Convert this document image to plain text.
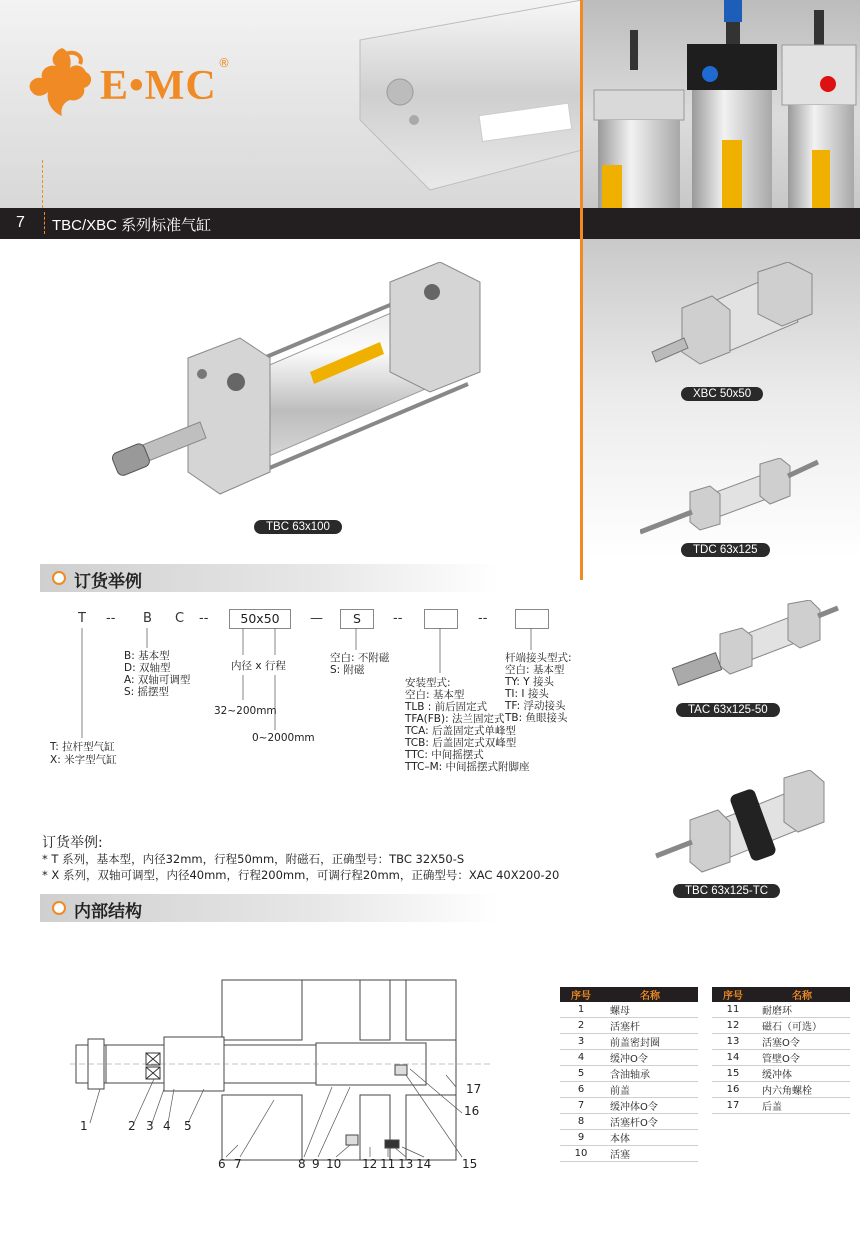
E•MC ®
7 TBC/XBC 系列标准气缸
TBC 63x100
XBC 50x50
TDC 63x125
TAC 63x125-50
TBC 63x125-TC
订货举例
T -- B C --	50x50	—	S	--	--
T: 拉杆型气缸
X: 米字型气缸
B: 基本型
D: 双轴型
A: 双轴可调型
S: 摇摆型
内径 x 行程
32~200mm
0~2000mm
空白: 不附磁
S: 附磁
安装型式:
空白: 基本型
TLB : 前后固定式
TFA(FB): 法兰固定式
TCA: 后盖固定式单峰型
TCB: 后盖固定式双峰型
TTC: 中间摇摆式
TTC–M: 中间摇摆式附脚座
杆端接头型式:
空白: 基本型
TY: Y 接头
TI: I 接头
TF: 浮动接头
TB: 鱼眼接头
订货举例:
* T 系列，基本型，内径32mm，行程50mm，附磁石，正确型号：TBC 32X50-S
* X 系列，双轴可调型，内径40mm，行程200mm，可调行程20mm，正确型号：XAC 40X200-20
内部结构
1	2 3 4 5
6 7	8 9 10 12 11 13 14	15
16
17
序号	名称
1	螺母
2	活塞杆
3	前盖密封圈
4	缓冲O令
5	含油轴承
6	前盖
7	缓冲体O令
8	活塞杆O令
9	本体
10	活塞
序号	名称
11	耐磨环
12	磁石（可选）
13	活塞O令
14	管壁O令
15	缓冲体
16	内六角螺栓
17	后盖
